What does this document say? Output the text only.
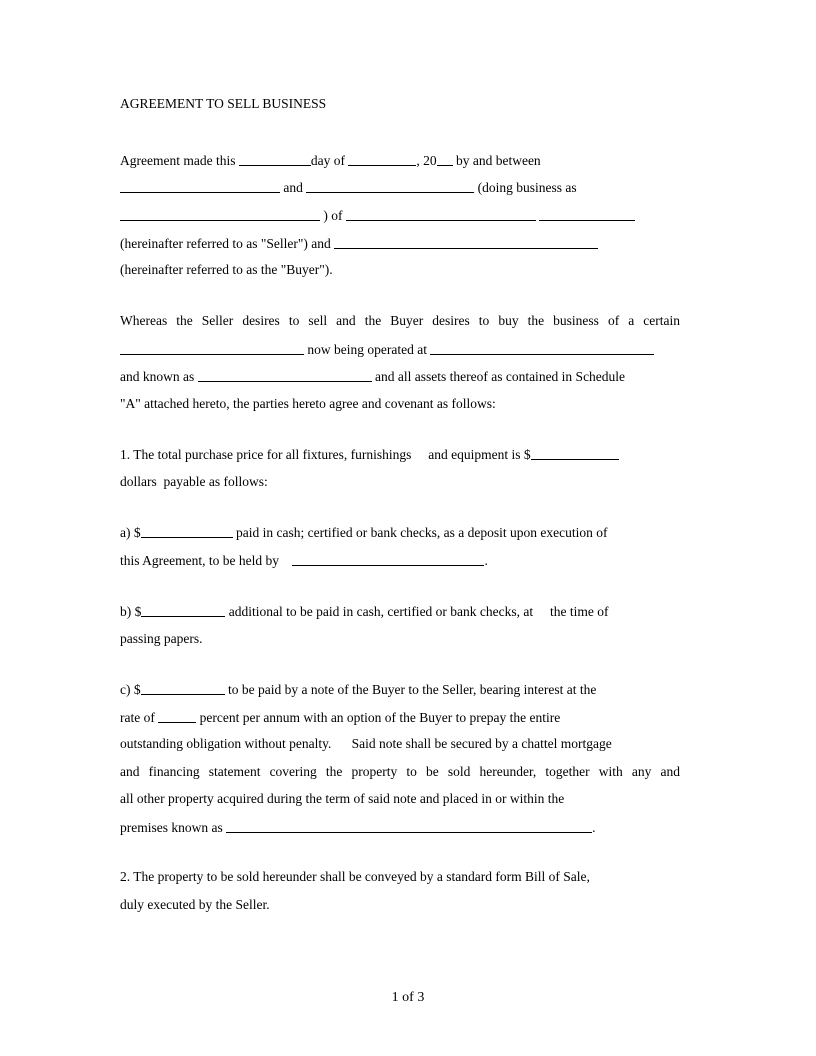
AGREEMENT TO SELL BUSINESS
Agreement made this	day of	, 20 by and between
and	(doing business as
) of
(hereinafter referred to as "Seller") and
(hereinafter referred to as the "Buyer").
Whereas the Seller desires to sell and the Buyer desires to buy the business of a certain
now being operated at
and known as	and all assets thereof as contained in Schedule
"A" attached hereto, the parties hereto agree and covenant as follows:
1. The total purchase price for all fixtures, furnishings     and equipment is $
dollars  payable as follows:
a) $	paid in cash; certified or bank checks, as a deposit upon execution of
this Agreement, to be held by	.
b) $	additional to be paid in cash, certified or bank checks, at     the time of
passing papers.
c) $	to be paid by a note of the Buyer to the Seller, bearing interest at the
rate of	percent per annum with an option of the Buyer to prepay the entire
outstanding obligation without penalty.      Said note shall be secured by a chattel mortgage
and financing statement covering the property to be sold hereunder, together with any and
all other property acquired during the term of said note and placed in or within the
premises known as	.
2. The property to be sold hereunder shall be conveyed by a standard form Bill of Sale,
duly executed by the Seller.
1 of 3
